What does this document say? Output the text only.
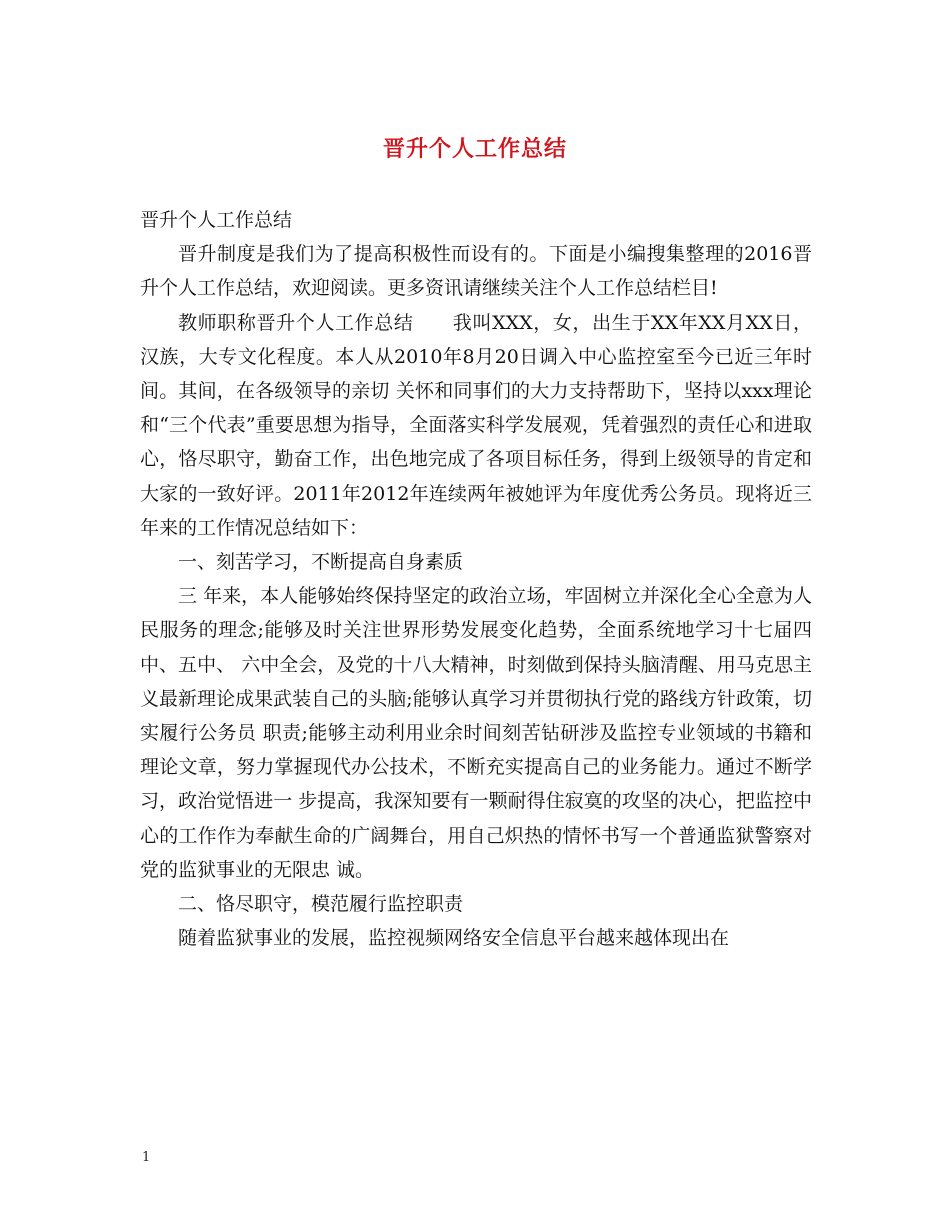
晋升个人工作总结

晋升个人工作总结

晋升制度是我们为了提高积极性而设有的。下面是小编搜集整理的2016晋升个人工作总结，欢迎阅读。更多资讯请继续关注个人工作总结栏目!

教师职称晋升个人工作总结　　我叫XXX，女，出生于XX年XX月XX日，汉族，大专文化程度。本人从2010年8月20日调入中心监控室至今已近三年时间。其间，在各级领导的亲切 关怀和同事们的大力支持帮助下，坚持以xxx理论和“三个代表”重要思想为指导，全面落实科学发展观，凭着强烈的责任心和进取心，恪尽职守，勤奋工作，出色地完成了各项目标任务，得到上级领导的肯定和大家的一致好评。2011年2012年连续两年被她评为年度优秀公务员。现将近三年来的工作情况总结如下：

一、刻苦学习，不断提高自身素质

三 年来，本人能够始终保持坚定的政治立场，牢固树立并深化全心全意为人民服务的理念;能够及时关注世界形势发展变化趋势，全面系统地学习十七届四中、五中、 六中全会，及党的十八大精神，时刻做到保持头脑清醒、用马克思主义最新理论成果武装自己的头脑;能够认真学习并贯彻执行党的路线方针政策，切实履行公务员 职责;能够主动利用业余时间刻苦钻研涉及监控专业领域的书籍和理论文章，努力掌握现代办公技术，不断充实提高自己的业务能力。通过不断学习，政治觉悟进一 步提高，我深知要有一颗耐得住寂寞的攻坚的决心，把监控中心的工作作为奉献生命的广阔舞台，用自己炽热的情怀书写一个普通监狱警察对党的监狱事业的无限忠 诚。

二、恪尽职守，模范履行监控职责

随着监狱事业的发展，监控视频网络安全信息平台越来越体现出在

1
